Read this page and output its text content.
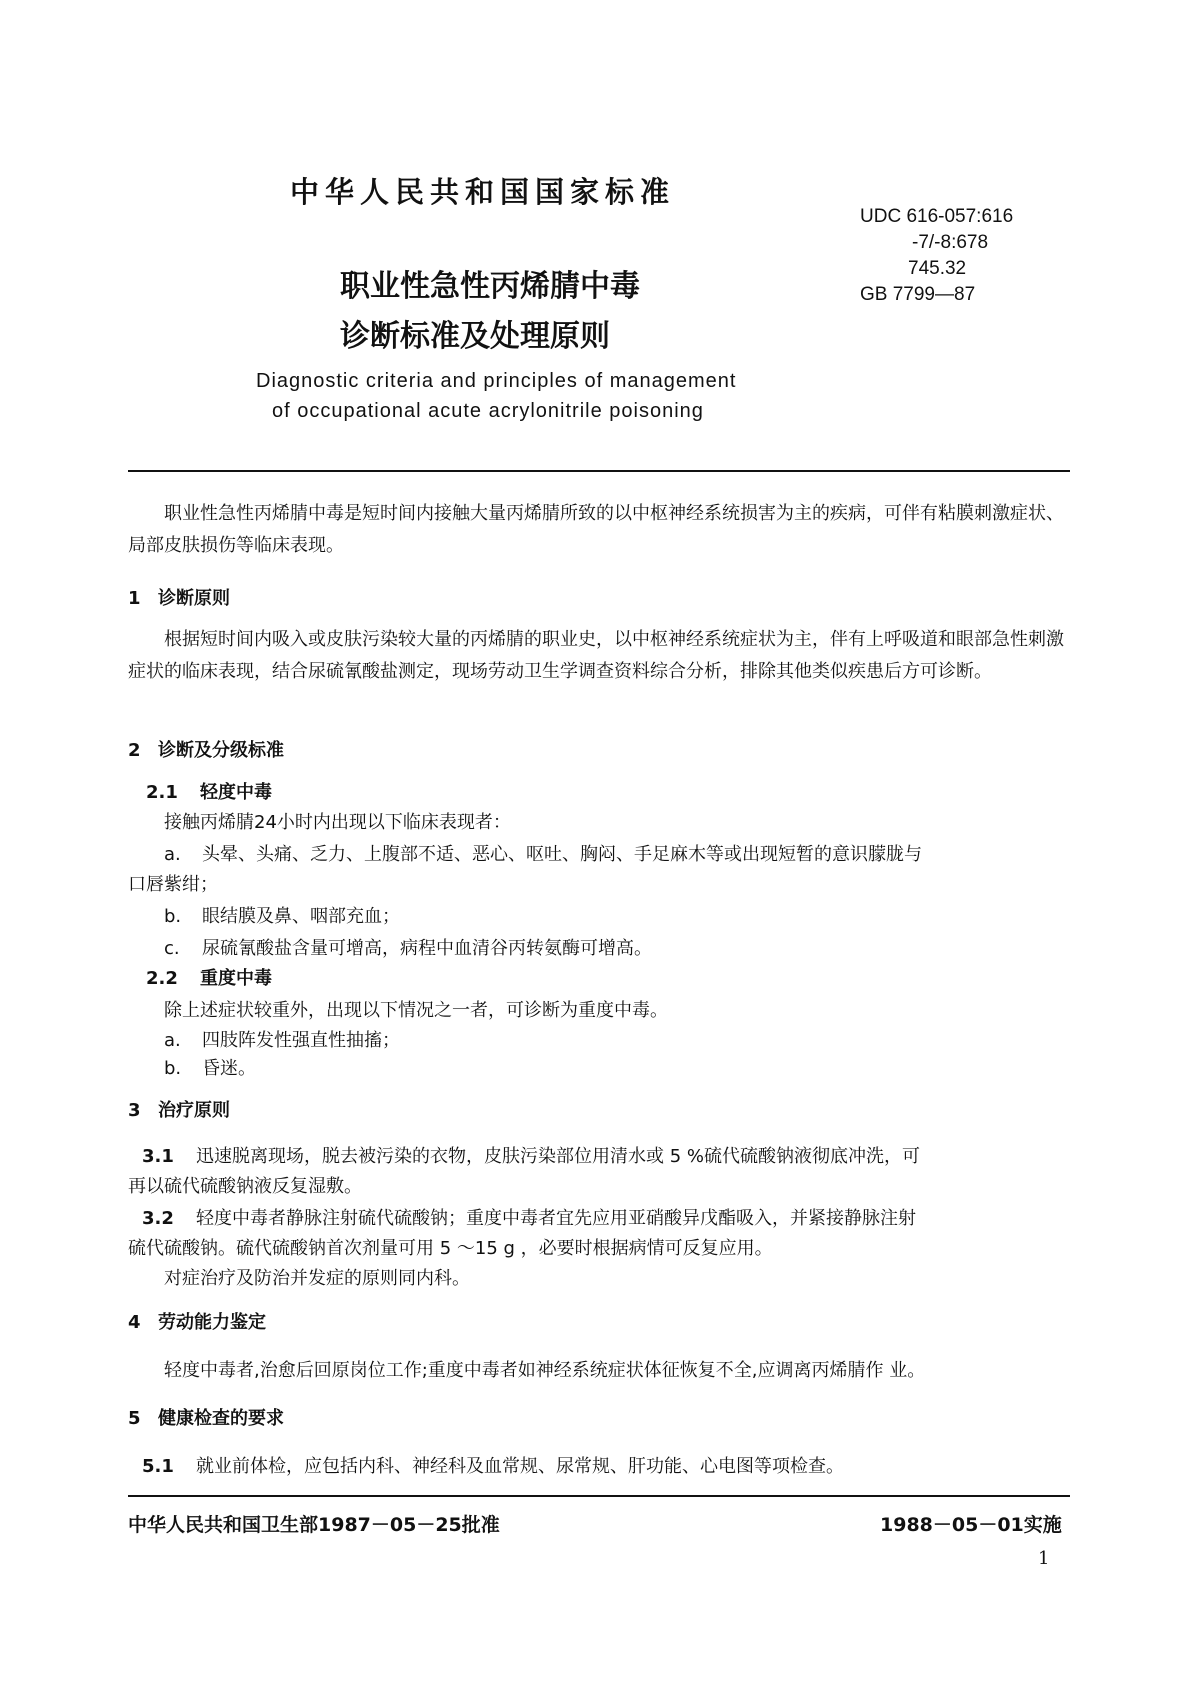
中华人民共和国国家标准
UDC 616-057:616
-7/-8:678
745.32
GB 7799—87
职业性急性丙烯腈中毒
诊断标准及处理原则
Diagnostic criteria and principles of management
of occupational acute acrylonitrile poisoning
职业性急性丙烯腈中毒是短时间内接触大量丙烯腈所致的以中枢神经系统损害为主的疾病，可伴有粘膜刺激症状、局部皮肤损伤等临床表现。
1 诊断原则
根据短时间内吸入或皮肤污染较大量的丙烯腈的职业史，以中枢神经系统症状为主，伴有上呼吸道和眼部急性刺激症状的临床表现，结合尿硫氰酸盐测定，现场劳动卫生学调查资料综合分析，排除其他类似疾患后方可诊断。
2 诊断及分级标准
2.1 轻度中毒
接触丙烯腈24小时内出现以下临床表现者：
a. 头晕、头痛、乏力、上腹部不适、恶心、呕吐、胸闷、手足麻木等或出现短暂的意识朦胧与
口唇紫绀；
b. 眼结膜及鼻、咽部充血；
c. 尿硫氰酸盐含量可增高，病程中血清谷丙转氨酶可增高。
2.2 重度中毒
除上述症状较重外，出现以下情况之一者，可诊断为重度中毒。
a. 四肢阵发性强直性抽搐；
b. 昏迷。
3 治疗原则
3.1 迅速脱离现场，脱去被污染的衣物，皮肤污染部位用清水或 5 %硫代硫酸钠液彻底冲洗，可
再以硫代硫酸钠液反复湿敷。
3.2 轻度中毒者静脉注射硫代硫酸钠；重度中毒者宜先应用亚硝酸异戊酯吸入，并紧接静脉注射
硫代硫酸钠。硫代硫酸钠首次剂量可用 5 ～15 g ，必要时根据病情可反复应用。
对症治疗及防治并发症的原则同内科。
4 劳动能力鉴定
轻度中毒者,治愈后回原岗位工作;重度中毒者如神经系统症状体征恢复不全,应调离丙烯腈作 业。
5 健康检查的要求
5.1 就业前体检，应包括内科、神经科及血常规、尿常规、肝功能、心电图等项检查。
中华人民共和国卫生部1987－05－25批准	1988－05－01实施
1
